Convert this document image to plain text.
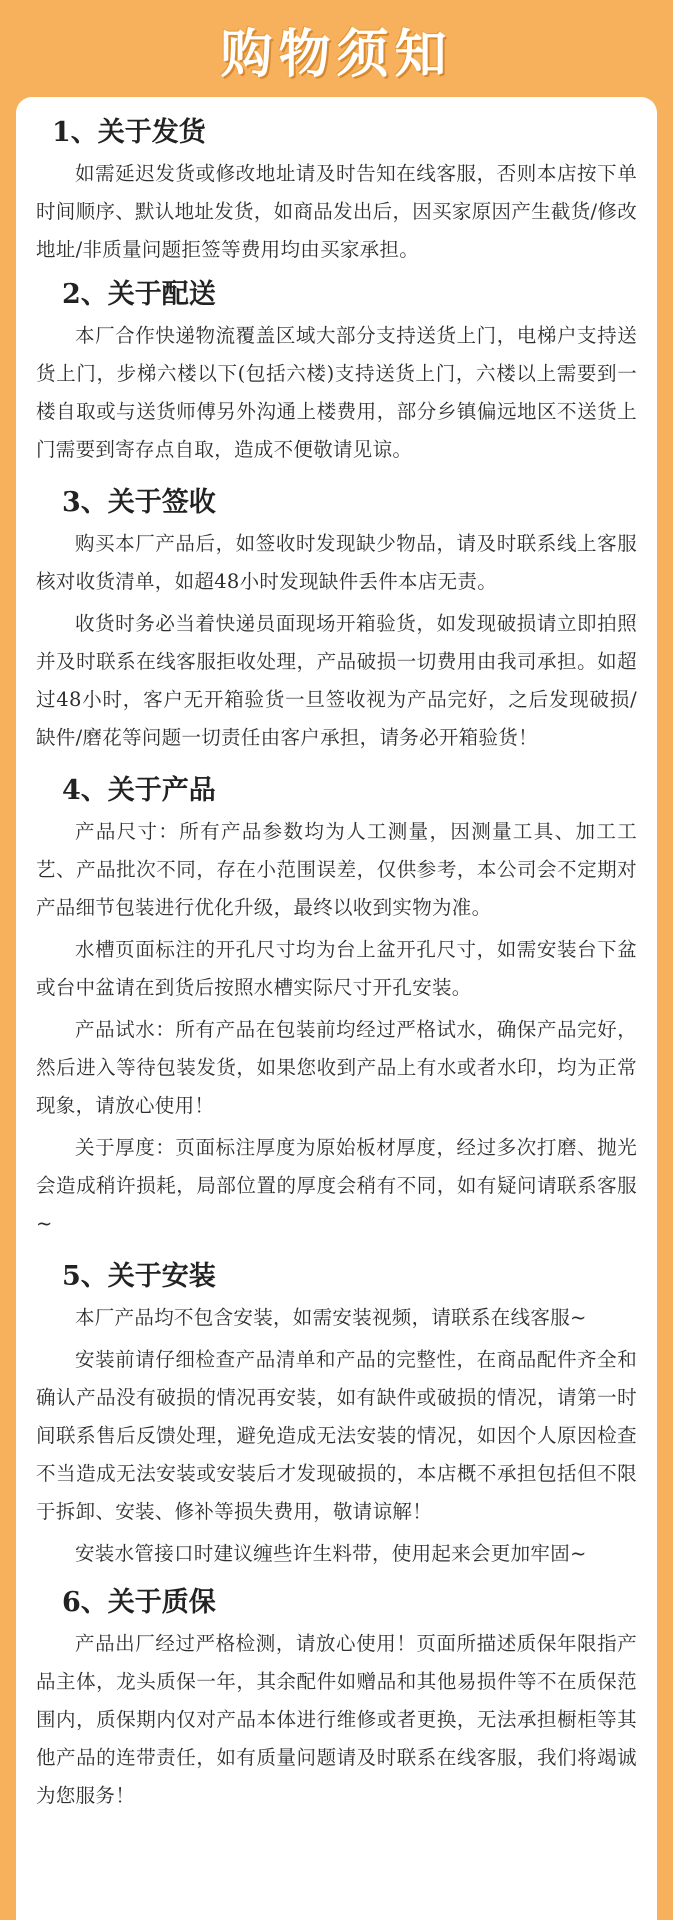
购物须知
1、关于发货

如需延迟发货或修改地址请及时告知在线客服，否则本店按下单时间顺序、默认地址发货，如商品发出后，因买家原因产生截货/修改地址/非质量问题拒签等费用均由买家承担。

2、关于配送

本厂合作快递物流覆盖区域大部分支持送货上门，电梯户支持送货上门，步梯六楼以下(包括六楼)支持送货上门，六楼以上需要到一楼自取或与送货师傅另外沟通上楼费用，部分乡镇偏远地区不送货上门需要到寄存点自取，造成不便敬请见谅。

3、关于签收

购买本厂产品后，如签收时发现缺少物品，请及时联系线上客服核对收货清单，如超48小时发现缺件丢件本店无责。

收货时务必当着快递员面现场开箱验货，如发现破损请立即拍照并及时联系在线客服拒收处理，产品破损一切费用由我司承担。如超过48小时，客户无开箱验货一旦签收视为产品完好，之后发现破损/缺件/磨花等问题一切责任由客户承担，请务必开箱验货！

4、关于产品

产品尺寸：所有产品参数均为人工测量，因测量工具、加工工艺、产品批次不同，存在小范围误差，仅供参考，本公司会不定期对产品细节包装进行优化升级，最终以收到实物为准。

水槽页面标注的开孔尺寸均为台上盆开孔尺寸，如需安装台下盆或台中盆请在到货后按照水槽实际尺寸开孔安装。

产品试水：所有产品在包装前均经过严格试水，确保产品完好，然后进入等待包装发货，如果您收到产品上有水或者水印，均为正常现象，请放心使用！

关于厚度：页面标注厚度为原始板材厚度，经过多次打磨、抛光会造成稍许损耗，局部位置的厚度会稍有不同，如有疑问请联系客服~

5、关于安装

本厂产品均不包含安装，如需安装视频，请联系在线客服~

安装前请仔细检查产品清单和产品的完整性，在商品配件齐全和确认产品没有破损的情况再安装，如有缺件或破损的情况，请第一时间联系售后反馈处理，避免造成无法安装的情况，如因个人原因检查不当造成无法安装或安装后才发现破损的，本店概不承担包括但不限于拆卸、安装、修补等损失费用，敬请谅解！

安装水管接口时建议缠些许生料带，使用起来会更加牢固~

6、关于质保

产品出厂经过严格检测，请放心使用！页面所描述质保年限指产品主体，龙头质保一年，其余配件如赠品和其他易损件等不在质保范围内，质保期内仅对产品本体进行维修或者更换，无法承担橱柜等其他产品的连带责任，如有质量问题请及时联系在线客服，我们将竭诚为您服务！
